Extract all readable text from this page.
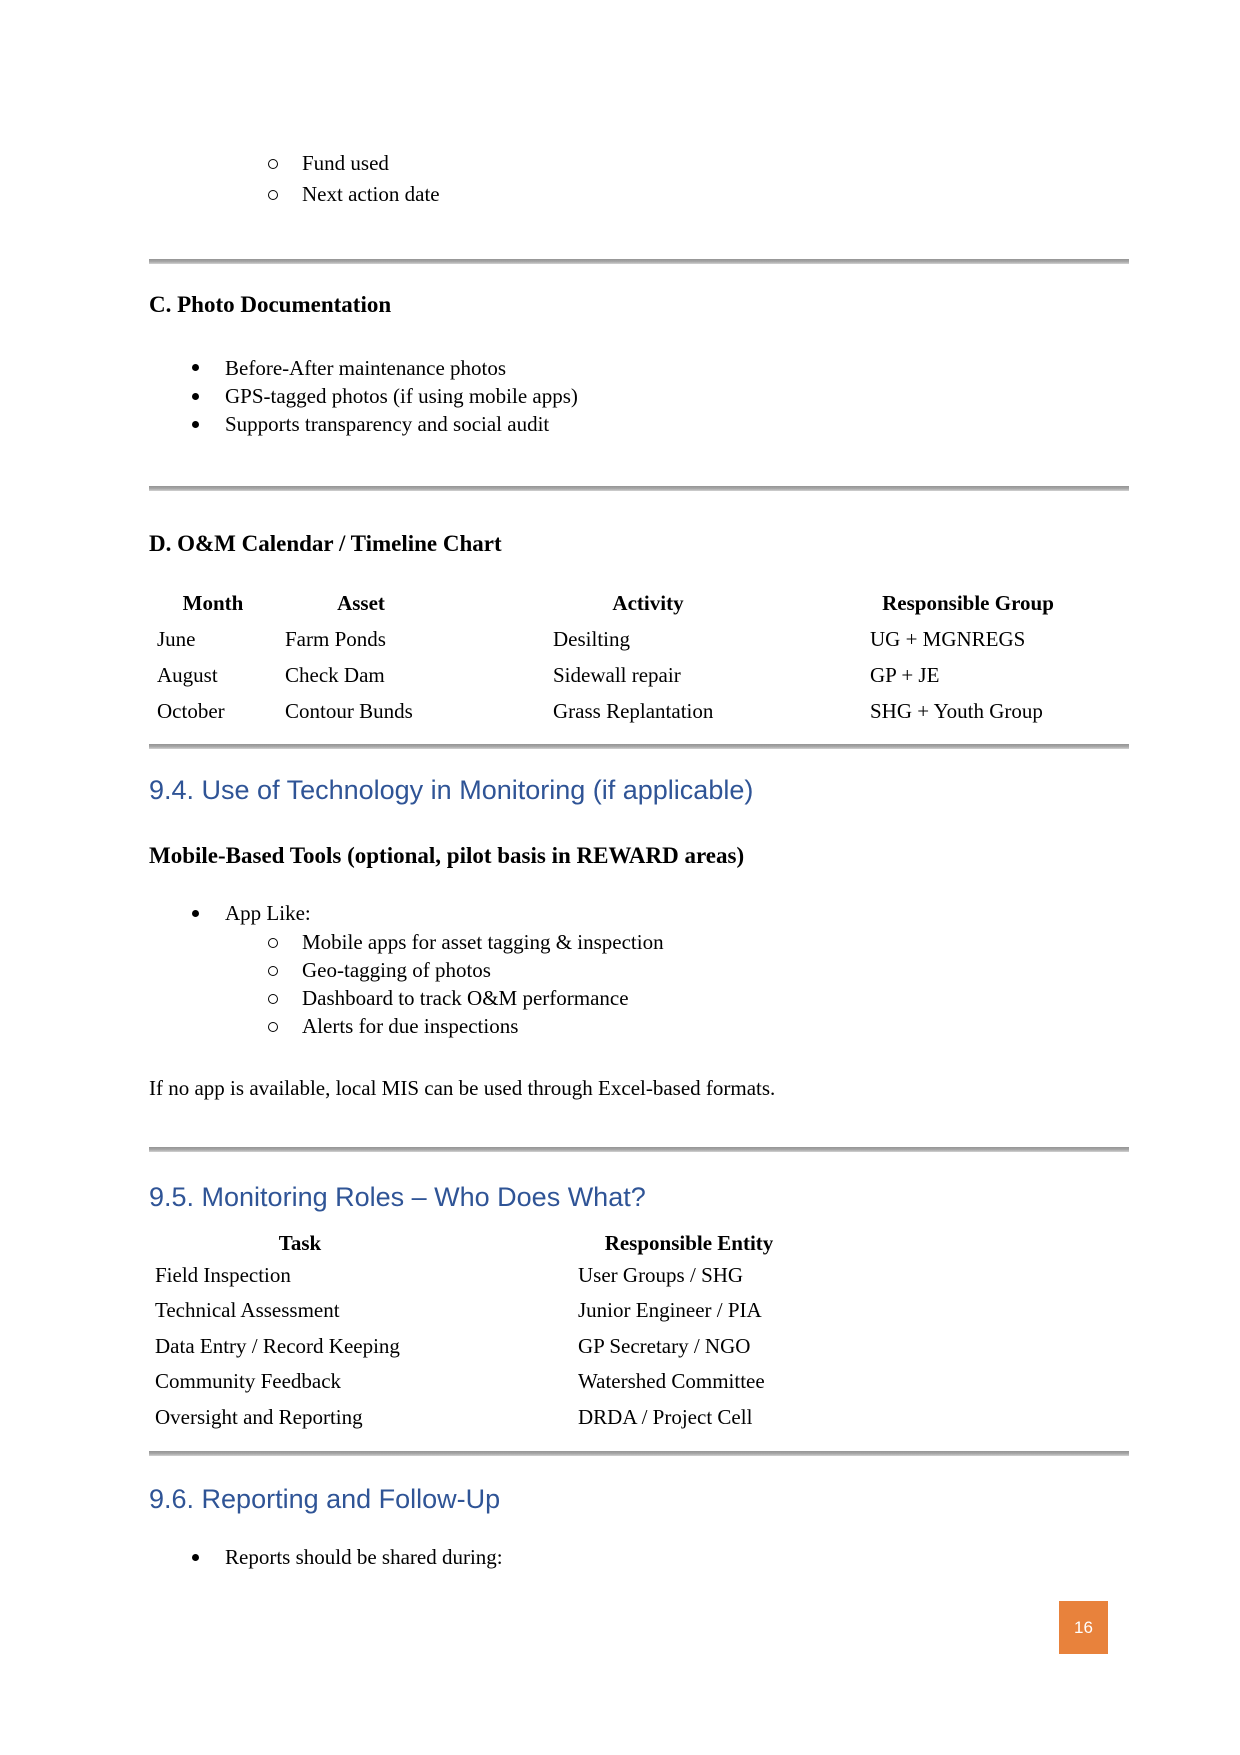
Fund used
Next action date
C. Photo Documentation
Before-After maintenance photos
GPS-tagged photos (if using mobile apps)
Supports transparency and social audit
D. O&M Calendar / Timeline Chart
Month	Asset	Activity	Responsible Group
June	Farm Ponds	Desilting	UG + MGNREGS
August	Check Dam	Sidewall repair	GP + JE
October	Contour Bunds	Grass Replantation	SHG + Youth Group
9.4. Use of Technology in Monitoring (if applicable)
Mobile-Based Tools (optional, pilot basis in REWARD areas)
App Like:
Mobile apps for asset tagging & inspection
Geo-tagging of photos
Dashboard to track O&M performance
Alerts for due inspections
If no app is available, local MIS can be used through Excel-based formats.
9.5. Monitoring Roles – Who Does What?
Task	Responsible Entity
Field Inspection	User Groups / SHG
Technical Assessment	Junior Engineer / PIA
Data Entry / Record Keeping	GP Secretary / NGO
Community Feedback	Watershed Committee
Oversight and Reporting	DRDA / Project Cell
9.6. Reporting and Follow-Up
Reports should be shared during:
16
